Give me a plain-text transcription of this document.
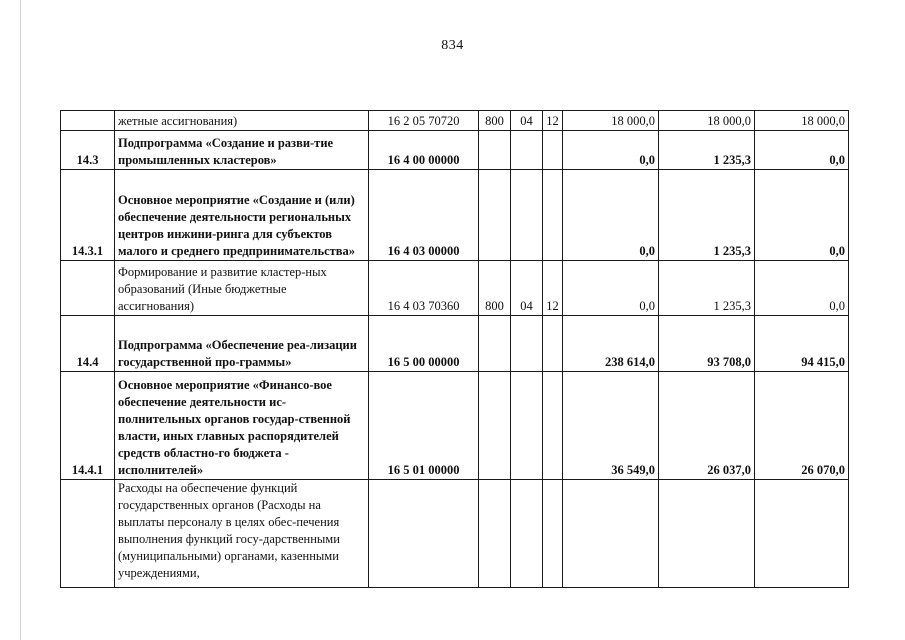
834
	жетные ассигнования)	16 2 05 70720	800	04	12	18 000,0	18 000,0	18 000,0
14.3	Подпрограмма «Создание и разви-тие промышленных кластеров»	16 4 00 00000				0,0	1 235,3	0,0
14.3.1	Основное мероприятие «Создание и (или) обеспечение деятельности региональных центров инжини-ринга для субъектов малого и среднего предпринимательства»	16 4 03 00000				0,0	1 235,3	0,0
	Формирование и развитие кластер-ных образований (Иные бюджетные ассигнования)	16 4 03 70360	800	04	12	0,0	1 235,3	0,0
14.4	Подпрограмма «Обеспечение реа-лизации государственной про-граммы»	16 5 00 00000				238 614,0	93 708,0	94 415,0
14.4.1	Основное мероприятие «Финансо-вое обеспечение деятельности ис-полнительных органов государ-ственной власти, иных главных распорядителей средств областно-го бюджета - исполнителей»	16 5 01 00000				36 549,0	26 037,0	26 070,0
	Расходы на обеспечение функций государственных органов (Расходы на выплаты персоналу в целях обес-печения выполнения функций госу-дарственными (муниципальными) органами, казенными учреждениями,							
